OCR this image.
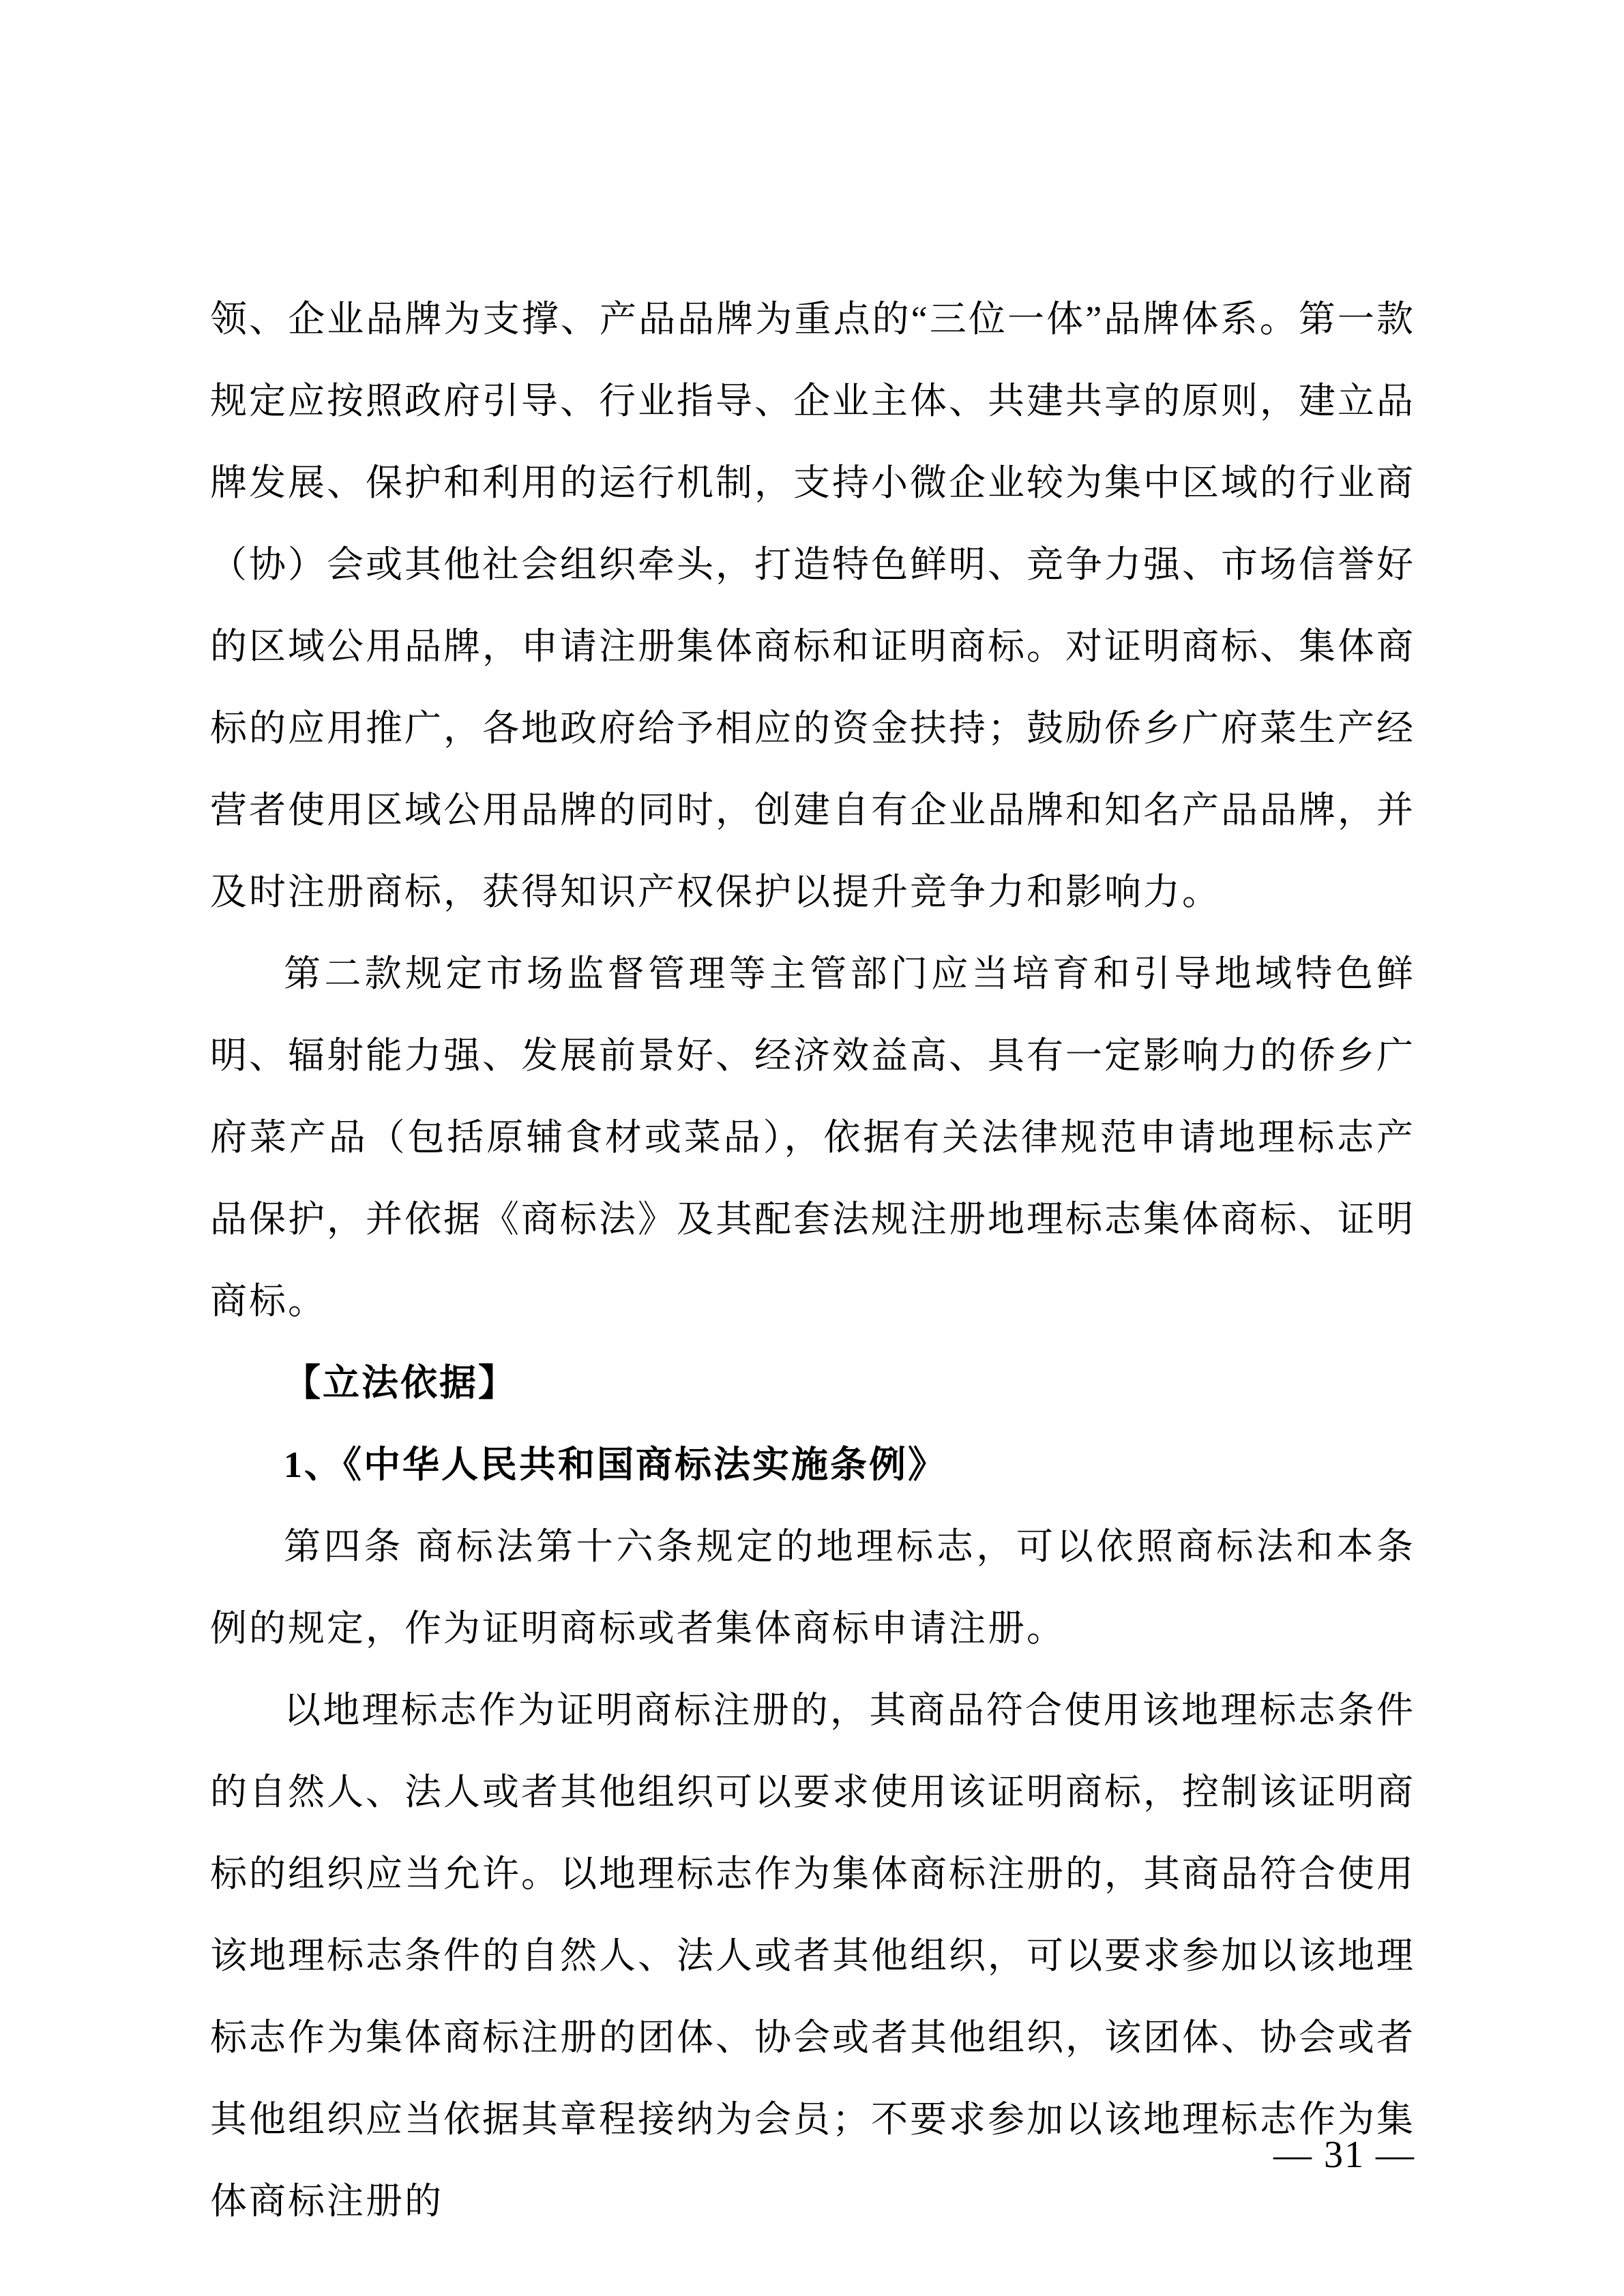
领、企业品牌为支撑、产品品牌为重点的“三位一体”品牌体系。第一款规定应按照政府引导、行业指导、企业主体、共建共享的原则，建立品牌发展、保护和利用的运行机制，支持小微企业较为集中区域的行业商（协）会或其他社会组织牵头，打造特色鲜明、竞争力强、市场信誉好的区域公用品牌，申请注册集体商标和证明商标。对证明商标、集体商标的应用推广，各地政府给予相应的资金扶持；鼓励侨乡广府菜生产经营者使用区域公用品牌的同时，创建自有企业品牌和知名产品品牌，并及时注册商标，获得知识产权保护以提升竞争力和影响力。

第二款规定市场监督管理等主管部门应当培育和引导地域特色鲜明、辐射能力强、发展前景好、经济效益高、具有一定影响力的侨乡广府菜产品（包括原辅食材或菜品），依据有关法律规范申请地理标志产品保护，并依据《商标法》及其配套法规注册地理标志集体商标、证明商标。

【立法依据】

1、《中华人民共和国商标法实施条例》

第四条 商标法第十六条规定的地理标志，可以依照商标法和本条例的规定，作为证明商标或者集体商标申请注册。

以地理标志作为证明商标注册的，其商品符合使用该地理标志条件的自然人、法人或者其他组织可以要求使用该证明商标，控制该证明商标的组织应当允许。以地理标志作为集体商标注册的，其商品符合使用该地理标志条件的自然人、法人或者其他组织，可以要求参加以该地理标志作为集体商标注册的团体、协会或者其他组织，该团体、协会或者其他组织应当依据其章程接纳为会员；不要求参加以该地理标志作为集体商标注册的

— 31 —
